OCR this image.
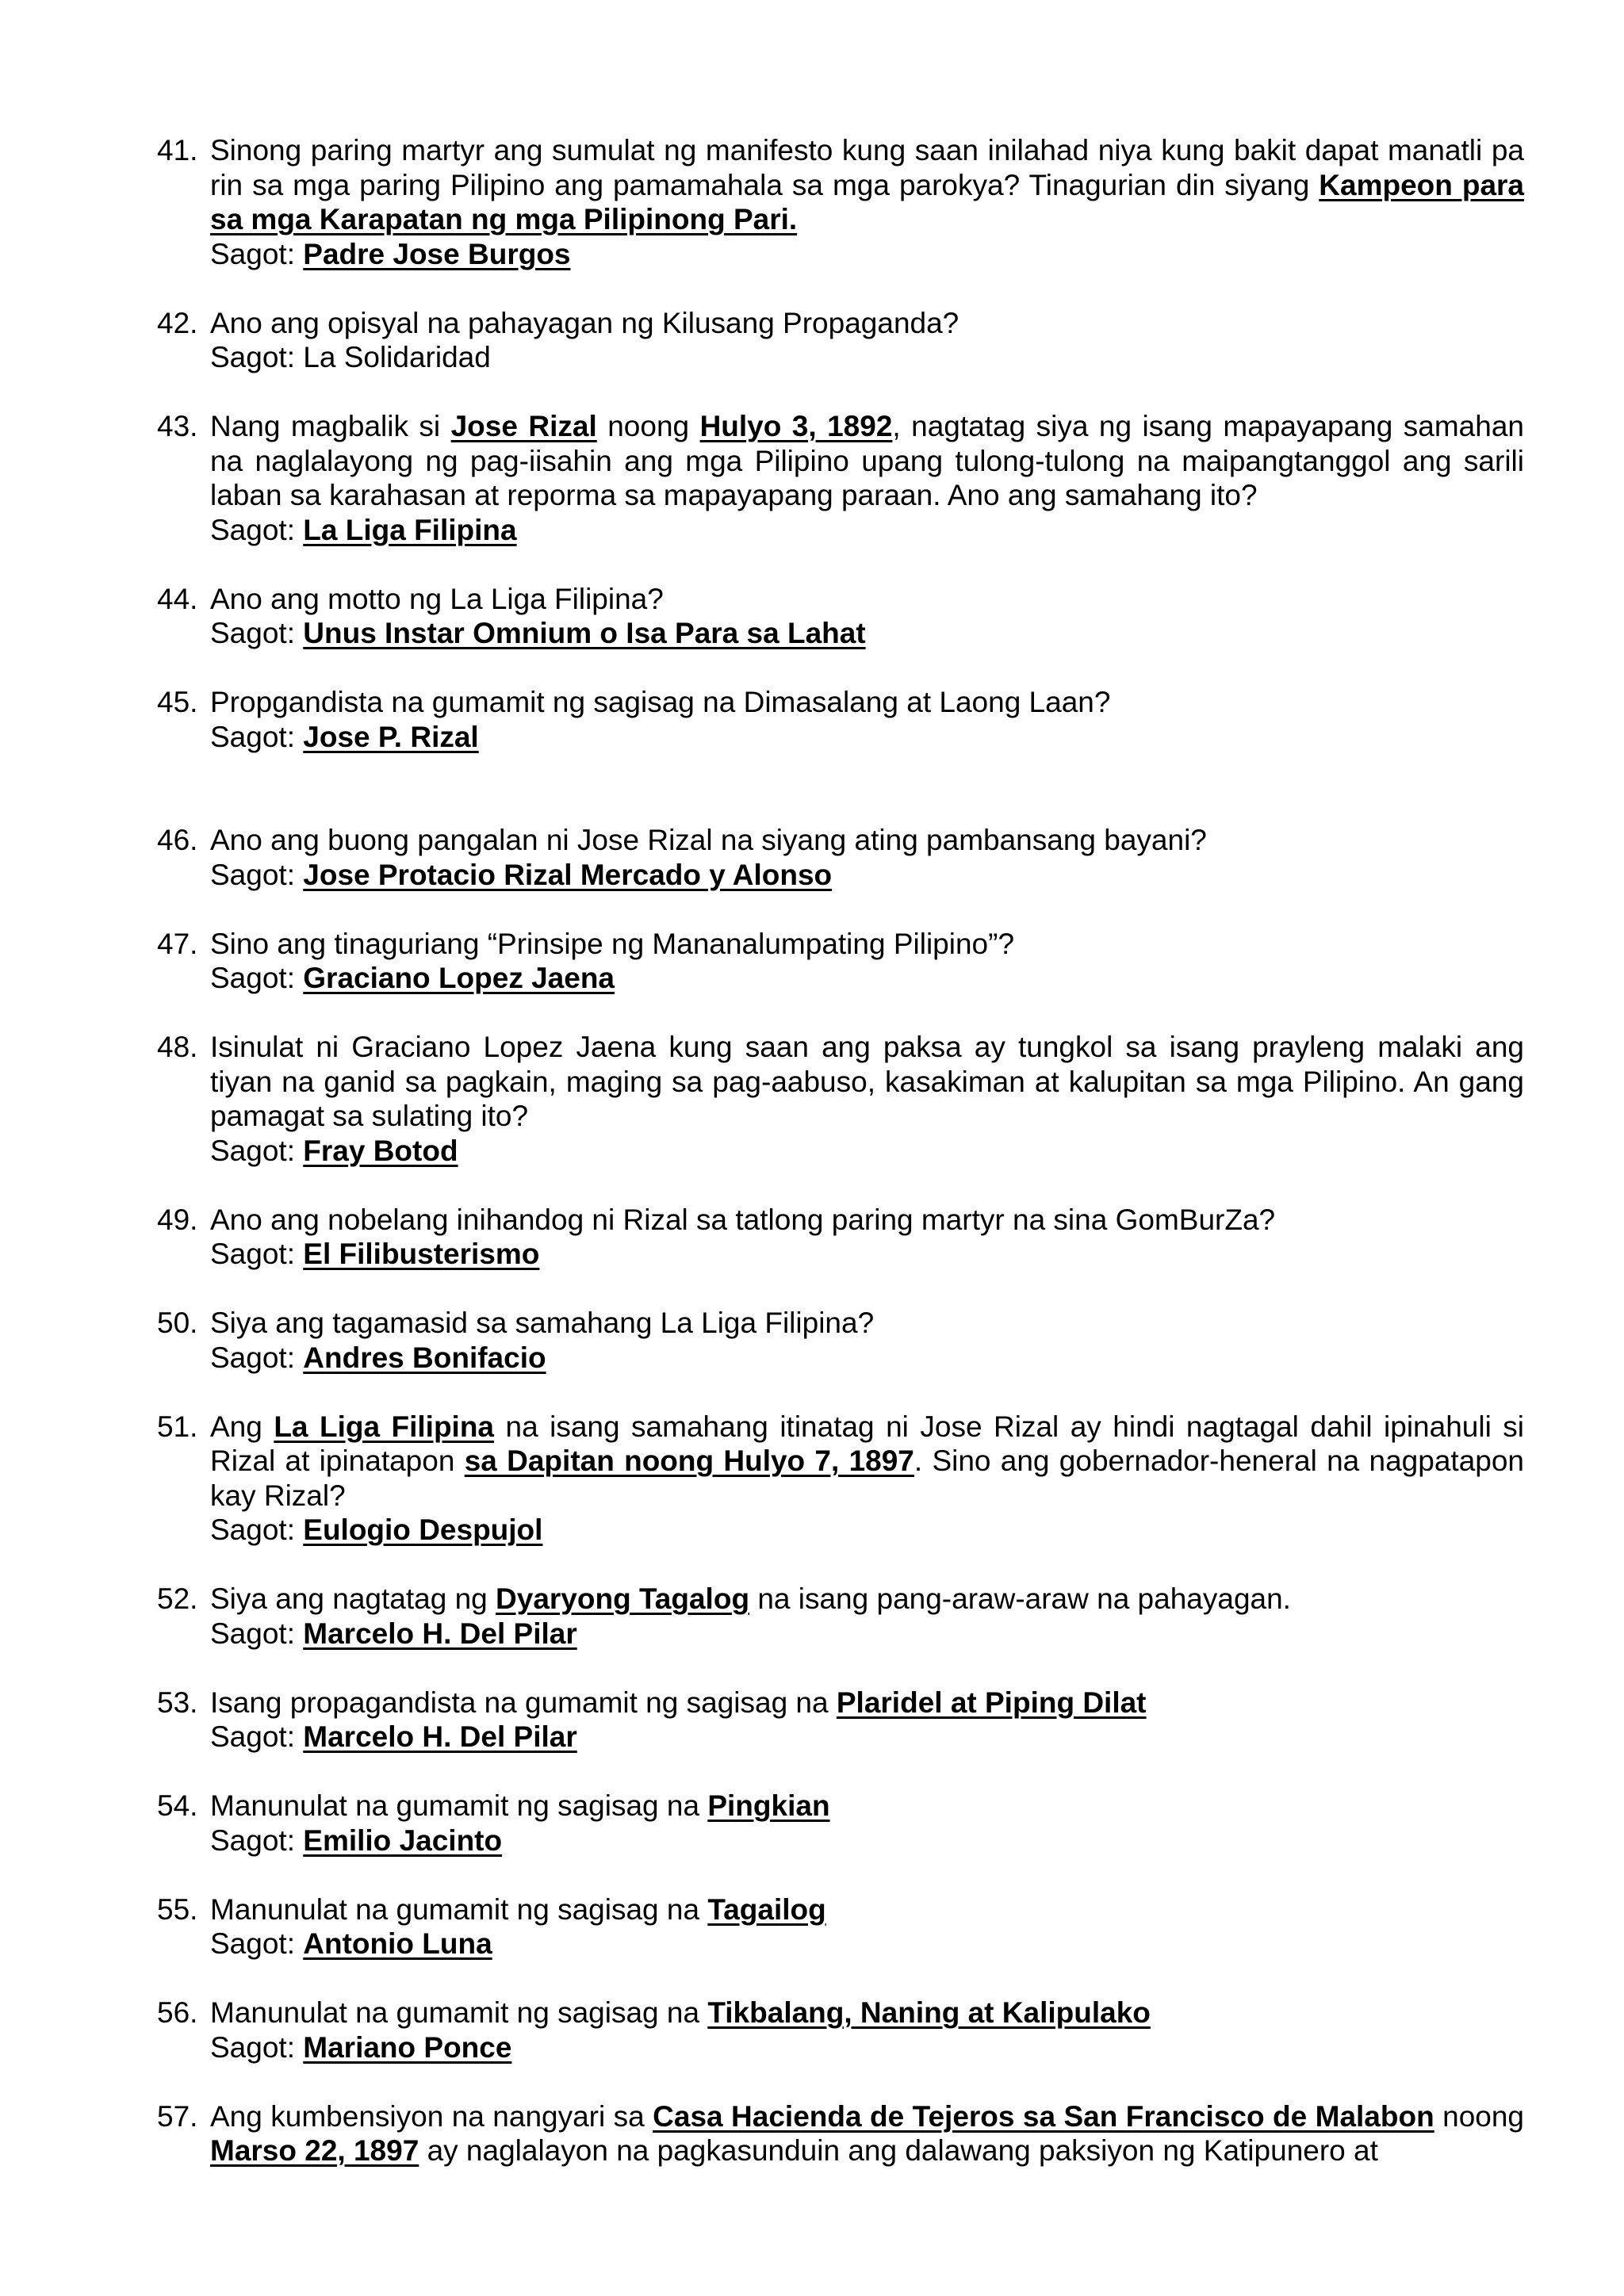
41. Sinong paring martyr ang sumulat ng manifesto kung saan inilahad niya kung bakit dapat manatli pa rin sa mga paring Pilipino ang pamamahala sa mga parokya? Tinagurian din siyang Kampeon para sa mga Karapatan ng mga Pilipinong Pari.
Sagot: Padre Jose Burgos
42. Ano ang opisyal na pahayagan ng Kilusang Propaganda?
Sagot: La Solidaridad
43. Nang magbalik si Jose Rizal noong Hulyo 3, 1892, nagtatag siya ng isang mapayapang samahan na naglalayong ng pag-iisahin ang mga Pilipino upang tulong-tulong na maipangtanggol ang sarili laban sa karahasan at reporma sa mapayapang paraan. Ano ang samahang ito?
Sagot: La Liga Filipina
44. Ano ang motto ng La Liga Filipina?
Sagot: Unus Instar Omnium o Isa Para sa Lahat
45. Propgandista na gumamit ng sagisag na Dimasalang at Laong Laan?
Sagot: Jose P. Rizal
46. Ano ang buong pangalan ni Jose Rizal na siyang ating pambansang bayani?
Sagot: Jose Protacio Rizal Mercado y Alonso
47. Sino ang tinaguriang “Prinsipe ng Mananalumpating Pilipino”?
Sagot: Graciano Lopez Jaena
48. Isinulat ni Graciano Lopez Jaena kung saan ang paksa ay tungkol sa isang prayleng malaki ang tiyan na ganid sa pagkain, maging sa pag-aabuso, kasakiman at kalupitan sa mga Pilipino. An gang pamagat sa sulating ito?
Sagot: Fray Botod
49. Ano ang nobelang inihandog ni Rizal sa tatlong paring martyr na sina GomBurZa?
Sagot: El Filibusterismo
50. Siya ang tagamasid sa samahang La Liga Filipina?
Sagot: Andres Bonifacio
51. Ang La Liga Filipina na isang samahang itinatag ni Jose Rizal ay hindi nagtagal dahil ipinahuli si Rizal at ipinatapon sa Dapitan noong Hulyo 7, 1897. Sino ang gobernador-heneral na nagpatapon kay Rizal?
Sagot: Eulogio Despujol
52. Siya ang nagtatag ng Dyaryong Tagalog na isang pang-araw-araw na pahayagan.
Sagot: Marcelo H. Del Pilar
53. Isang propagandista na gumamit ng sagisag na Plaridel at Piping Dilat
Sagot: Marcelo H. Del Pilar
54. Manunulat na gumamit ng sagisag na Pingkian
Sagot: Emilio Jacinto
55. Manunulat na gumamit ng sagisag na Tagailog
Sagot: Antonio Luna
56. Manunulat na gumamit ng sagisag na Tikbalang, Naning at Kalipulako
Sagot: Mariano Ponce
57. Ang kumbensiyon na nangyari sa Casa Hacienda de Tejeros sa San Francisco de Malabon noong Marso 22, 1897 ay naglalayon na pagkasunduin ang dalawang paksiyon ng Katipunero at
